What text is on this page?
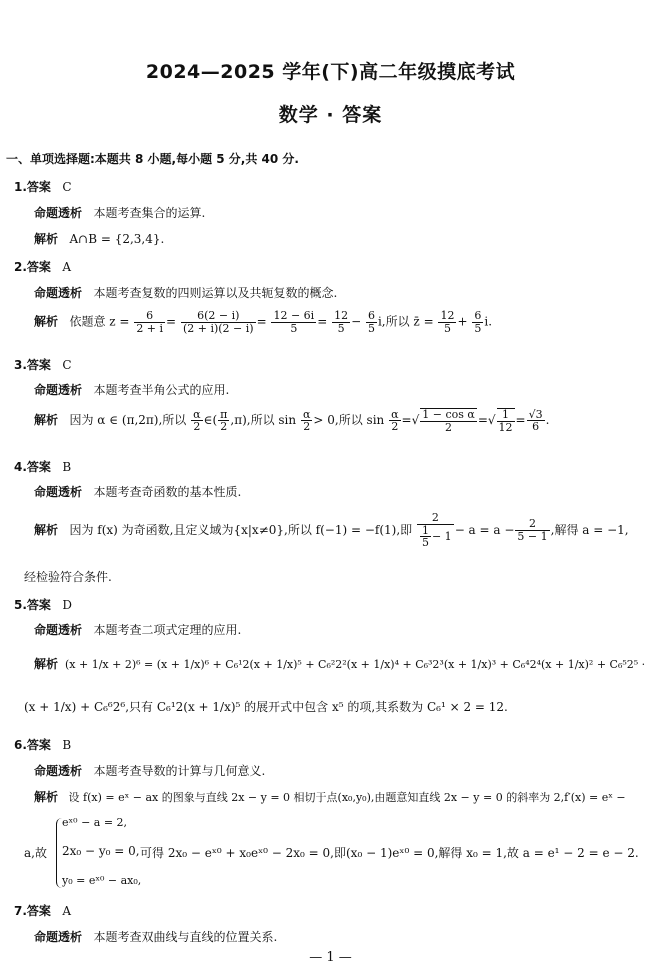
2024—2025 学年(下)高二年级摸底考试
数学 · 答案
一、单项选择题:本题共 8 小题,每小题 5 分,共 40 分.
1.答案 C
命题透析 本题考查集合的运算.
解析 A∩B = {2,3,4}.
2.答案 A
命题透析 本题考查复数的四则运算以及共轭复数的概念.
解析 依题意 $z = \frac{6}{2 + i} = \frac{6(2 - i)}{(2 + i)(2 - i)} = \frac{12 - 6i}{5} = \frac{12}{5} - \frac{6}{5} i$,所以 z̄ = $\frac{12}{5} + \frac{6}{5} i$.
3.答案 C
命题透析 本题考查半角公式的应用.
解析 因为 α ∈ (π,2π),所以 $\frac{\alpha}{2}$ ∈( $\frac{\pi}{2} ,\pi$),所以 $\sin \frac{\alpha}{2} > 0$,所以 $\sin \frac{\alpha}{2}$ =√ $\frac{\text{1 − cos α}}{2}$ =√ $\frac{1}{12} = \frac{√3}{6}$ .
4.答案 B
命题透析 本题考查奇函数的基本性质.
解析 因为 f(x) 为奇函数,且定义域为{x|x≠0},所以 f(−1) = −f(1),即 $\frac{2}{\frac{1}{5} - 1} - a = a - \frac{2}{5 - 1}$ ,解得 a = −1,
经检验符合条件.
5.答案 D
命题透析 本题考查二项式定理的应用.
解析 (x + 1/x + 2)⁶ = (x + 1/x)⁶ + C₆¹2(x + 1/x)⁵ + C₆²2²(x + 1/x)⁴ + C₆³2³(x + 1/x)³ + C₆⁴2⁴(x + 1/x)² + C₆⁵2⁵ ·
(x + 1/x) + C₆⁶2⁶,只有 C₆¹2(x + 1/x)⁵ 的展开式中包含 x⁵ 的项,其系数为 C₆¹ × 2 = 12.
6.答案 B
命题透析 本题考查导数的计算与几何意义.
解析 设 f(x) = eˣ − ax 的图象与直线 2x − y = 0 相切于点(x₀,y₀),由题意知直线 2x − y = 0 的斜率为 2,f′(x) = eˣ −
a,故
eˣ⁰ − a = 2,
2x₀ − y₀ = 0,
y₀ = eˣ⁰ − ax₀,
可得 2x₀ − eˣ⁰ + x₀eˣ⁰ − 2x₀ = 0,即(x₀ − 1)eˣ⁰ = 0,解得 x₀ = 1,故 a = e¹ − 2 = e − 2.
7.答案 A
命题透析 本题考查双曲线与直线的位置关系.
— 1 —
